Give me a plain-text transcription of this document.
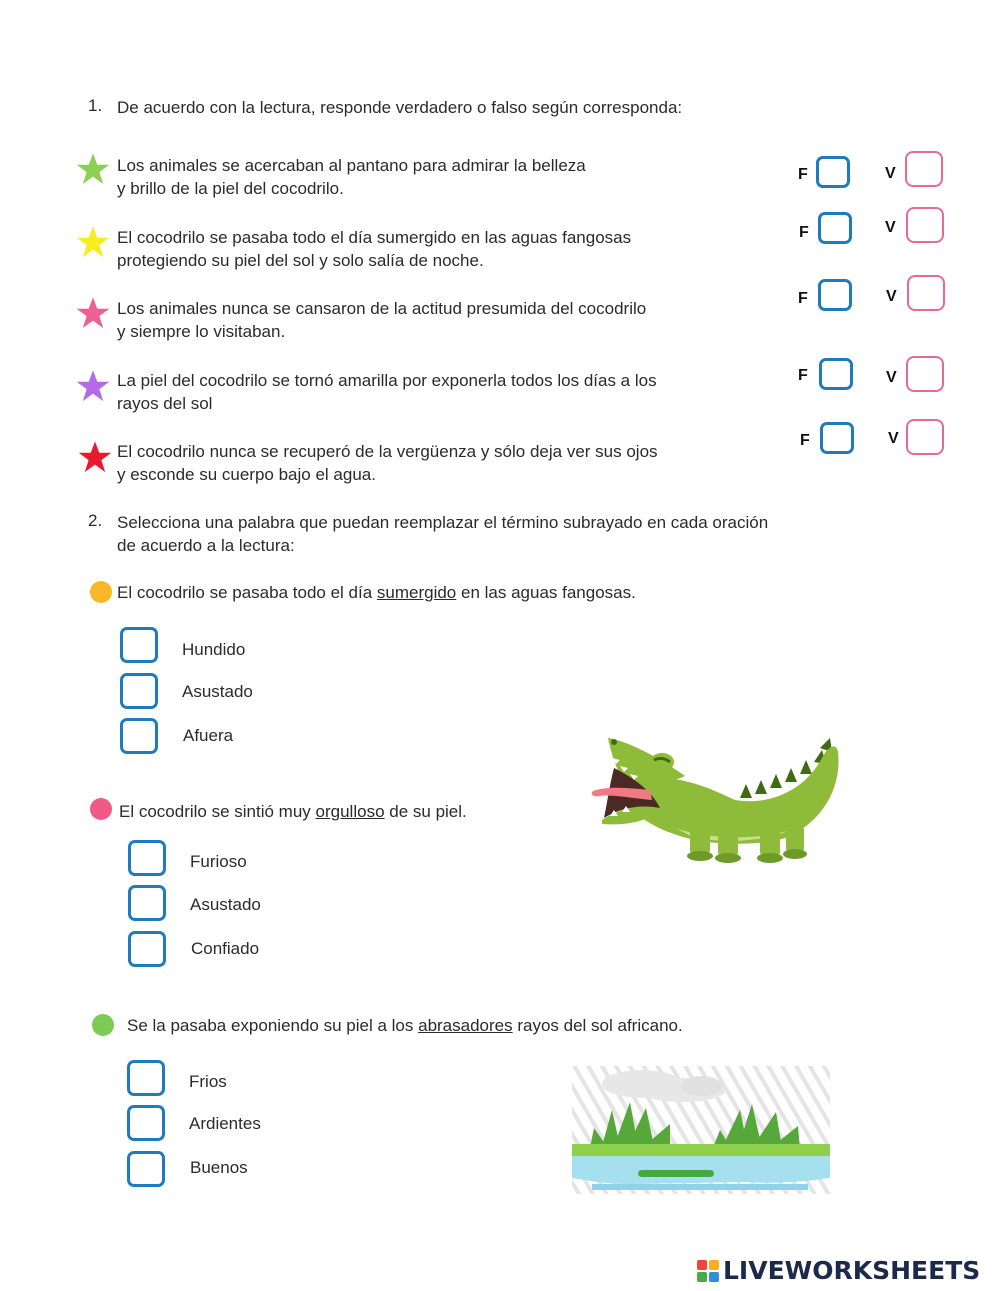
1. De acuerdo con la lectura, responde verdadero o falso según corresponda:
Los animales se acercaban al pantano para admirar la belleza
y brillo de la piel del cocodrilo.
F	V
El cocodrilo se pasaba todo el día sumergido en las aguas fangosas
protegiendo su piel del sol y solo salía de noche.
F	V
Los animales nunca se cansaron de la actitud presumida del cocodrilo
y siempre lo visitaban.
F	V
La piel del cocodrilo se tornó amarilla por exponerla todos los días a los
rayos del sol
F	V
El cocodrilo nunca se recuperó de la vergüenza y sólo deja ver sus ojos
y esconde su cuerpo bajo el agua.
F	V
2. Selecciona una palabra que puedan reemplazar el término subrayado en cada oración
de acuerdo a la lectura:
El cocodrilo se pasaba todo el día sumergido en las aguas fangosas.
Hundido
Asustado
Afuera
El cocodrilo se sintió muy orgulloso de su piel.
Furioso
Asustado
Confiado
Se la pasaba exponiendo su piel a los abrasadores rayos del sol africano.
Frios
Ardientes
Buenos
LIVEWORKSHEETS
